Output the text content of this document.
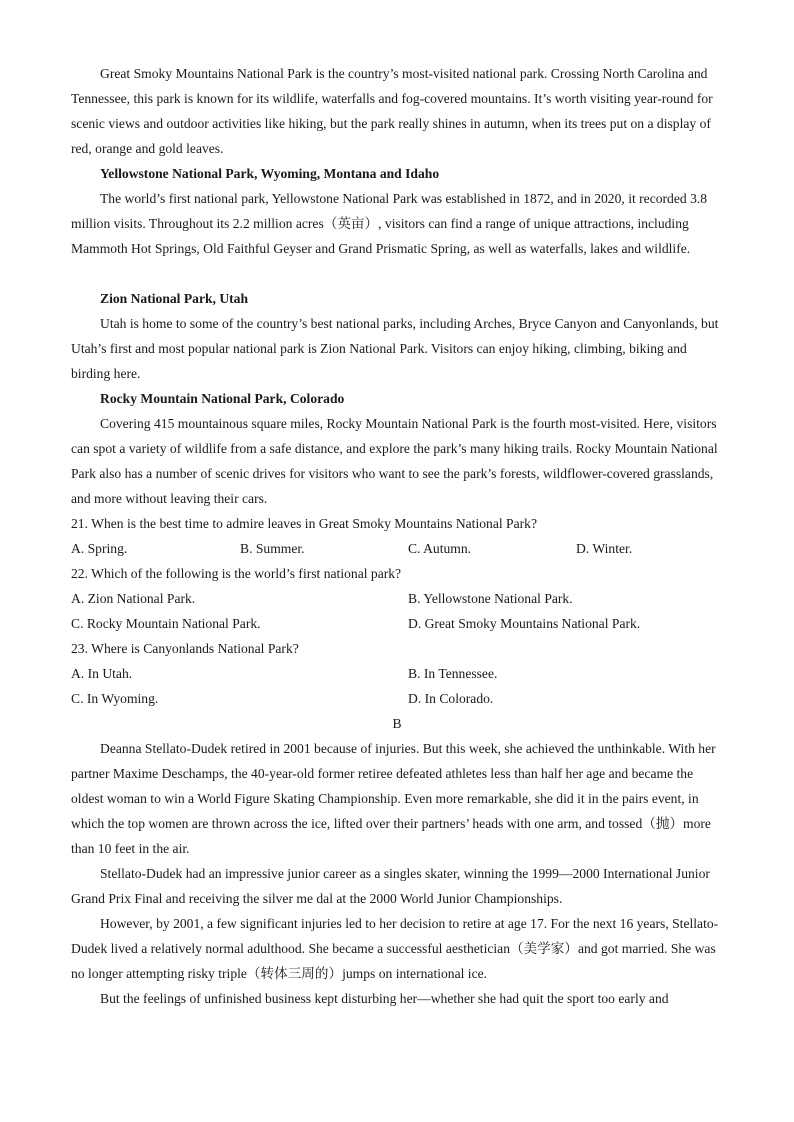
Great Smoky Mountains National Park is the country’s most-visited national park. Crossing North Carolina and Tennessee, this park is known for its wildlife, waterfalls and fog-covered mountains. It’s worth visiting year-round for scenic views and outdoor activities like hiking, but the park really shines in autumn, when its trees put on a display of red, orange and gold leaves.

Yellowstone National Park, Wyoming, Montana and Idaho

The world’s first national park, Yellowstone National Park was established in 1872, and in 2020, it recorded 3.8 million visits. Throughout its 2.2 million acres（英亩）, visitors can find a range of unique attractions, including Mammoth Hot Springs, Old Faithful Geyser and Grand Prismatic Spring, as well as waterfalls, lakes and wildlife.

Zion National Park, Utah

Utah is home to some of the country’s best national parks, including Arches, Bryce Canyon and Canyonlands, but Utah’s first and most popular national park is Zion National Park. Visitors can enjoy hiking, climbing, biking and birding here.

Rocky Mountain National Park, Colorado

Covering 415 mountainous square miles, Rocky Mountain National Park is the fourth most-visited. Here, visitors can spot a variety of wildlife from a safe distance, and explore the park’s many hiking trails. Rocky Mountain National Park also has a number of scenic drives for visitors who want to see the park’s forests, wildflower-covered grasslands, and more without leaving their cars.

21. When is the best time to admire leaves in Great Smoky Mountains National Park?

A. Spring.	B. Summer.	C. Autumn.	D. Winter.

22. Which of the following is the world’s first national park?

A. Zion National Park.	B. Yellowstone National Park.

C. Rocky Mountain National Park.	D. Great Smoky Mountains National Park.

23. Where is Canyonlands National Park?

A. In Utah.	B. In Tennessee.

C. In Wyoming.	D. In Colorado.

B

Deanna Stellato-Dudek retired in 2001 because of injuries. But this week, she achieved the unthinkable. With her partner Maxime Deschamps, the 40-year-old former retiree defeated athletes less than half her age and became the oldest woman to win a World Figure Skating Championship. Even more remarkable, she did it in the pairs event, in which the top women are thrown across the ice, lifted over their partners’ heads with one arm, and tossed（抛）more than 10 feet in the air.

Stellato-Dudek had an impressive junior career as a singles skater, winning the 1999—2000 International Junior Grand Prix Final and receiving the silver me dal at the 2000 World Junior Championships.

However, by 2001, a few significant injuries led to her decision to retire at age 17. For the next 16 years, Stellato-Dudek lived a relatively normal adulthood. She became a successful aesthetician（美学家）and got married. She was no longer attempting risky triple（转体三周的）jumps on international ice.

But the feelings of unfinished business kept disturbing her—whether she had quit the sport too early and
